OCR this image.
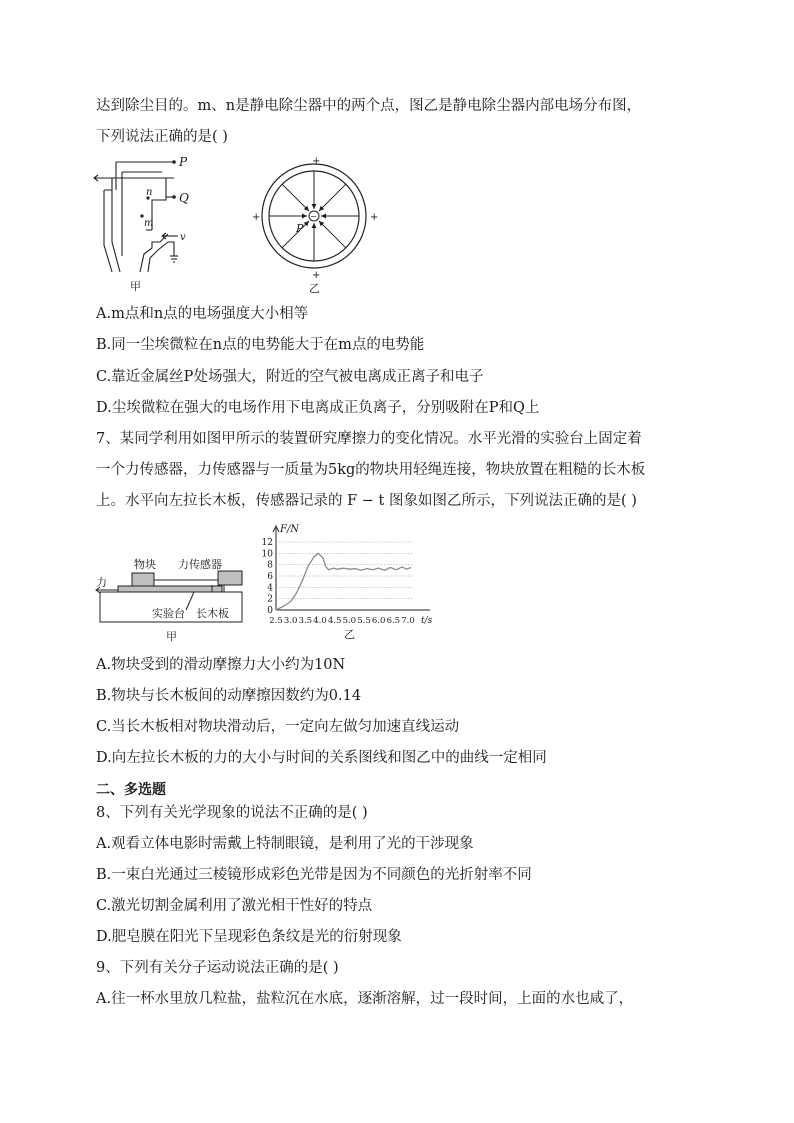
达到除尘目的。m、n是静电除尘器中的两个点，图乙是静电除尘器内部电场分布图，
下列说法正确的是( )
P
Q
n
m
v
甲
+
+	+
+
−
P
乙
A.m点和n点的电场强度大小相等
B.同一尘埃微粒在n点的电势能大于在m点的电势能
C.靠近金属丝P处场强大，附近的空气被电离成正离子和电子
D.尘埃微粒在强大的电场作用下电离成正负离子，分别吸附在P和Q上
7、某同学利用如图甲所示的装置研究摩擦力的变化情况。水平光滑的实验台上固定着
一个力传感器，力传感器与一质量为5kg的物块用轻绳连接，物块放置在粗糙的长木板
上。水平向左拉长木板，传感器记录的 F − t 图象如图乙所示，下列说法正确的是( )
物块 力传感器
力
实验台 长木板
甲
F/N
t/s
乙
0
2
4
6
8
10
12
2.5 3.0 3.5 4.0 4.5 5.0 5.5 6.0 6.5 7.0
A.物块受到的滑动摩擦力大小约为10N
B.物块与长木板间的动摩擦因数约为0.14
C.当长木板相对物块滑动后，一定向左做匀加速直线运动
D.向左拉长木板的力的大小与时间的关系图线和图乙中的曲线一定相同
二、多选题
8、下列有关光学现象的说法不正确的是( )
A.观看立体电影时需戴上特制眼镜，是利用了光的干涉现象
B.一束白光通过三棱镜形成彩色光带是因为不同颜色的光折射率不同
C.激光切割金属利用了激光相干性好的特点
D.肥皂膜在阳光下呈现彩色条纹是光的衍射现象
9、下列有关分子运动说法正确的是( )
A.往一杯水里放几粒盐，盐粒沉在水底，逐渐溶解，过一段时间，上面的水也咸了，
